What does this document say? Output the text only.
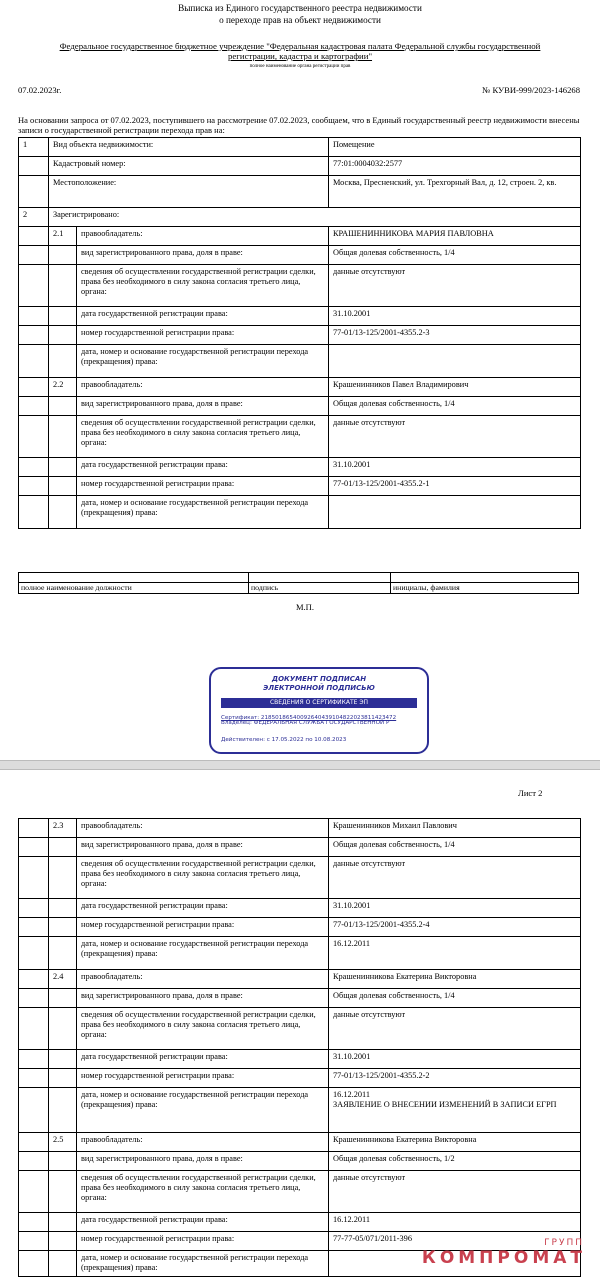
Выписка из Единого государственного реестра недвижимости
о переходе прав на объект недвижимости
Федеральное государственное бюджетное учреждение "Федеральная кадастровая палата Федеральной службы государственной
регистрации, кадастра и картографии"
полное наименование органа регистрации прав
07.02.2023г.	№ КУВИ-999/2023-146268
На основании запроса от 07.02.2023, поступившего на рассмотрение 07.02.2023, сообщаем, что в Единый государственный реестр недвижимости внесены записи о государственной регистрации перехода прав на:
1	Вид объекта недвижимости:		Помещение
	Кадастровый номер:		77:01:0004032:2577
	Местоположение:		Москва, Пресненский, ул. Трехгорный Вал, д. 12, строен. 2, кв.
2	Зарегистрировано:		
	2.1	правообладатель:	КРАШЕНИННИКОВА МАРИЯ ПАВЛОВНА
		вид зарегистрированного права, доля в праве:	Общая долевая собственность, 1/4
		сведения об осуществлении государственной регистрации сделки, права без необходимого в силу закона согласия третьего лица, органа:	данные отсутствуют
		дата государственной регистрации права:	31.10.2001
		номер государственной регистрации права:	77-01/13-125/2001-4355.2-3
		дата, номер и основание государственной регистрации перехода (прекращения) права:	
	2.2	правообладатель:	Крашенинников Павел Владимирович
		вид зарегистрированного права, доля в праве:	Общая долевая собственность, 1/4
		сведения об осуществлении государственной регистрации сделки, права без необходимого в силу закона согласия третьего лица, органа:	данные отсутствуют
		дата государственной регистрации права:	31.10.2001
		номер государственной регистрации права:	77-01/13-125/2001-4355.2-1
		дата, номер и основание государственной регистрации перехода (прекращения) права:	

полное наименование должности	подпись	инициалы, фамилия
М.П.
ДОКУМЕНТ ПОДПИСАН
ЭЛЕКТРОННОЙ ПОДПИСЬЮ
СВЕДЕНИЯ О СЕРТИФИКАТЕ ЭП
Сертификат: 21850186540092640439104822023811423472
Владелец: ФЕДЕРАЛЬНАЯ СЛУЖБА ГОСУДАРСТВЕННОЙ Р
Действителен: с 17.05.2022 по 10.08.2023
Лист 2
	2.3	правообладатель:	Крашенинников Михаил Павлович
		вид зарегистрированного права, доля в праве:	Общая долевая собственность, 1/4
		сведения об осуществлении государственной регистрации сделки, права без необходимого в силу закона согласия третьего лица, органа:	данные отсутствуют
		дата государственной регистрации права:	31.10.2001
		номер государственной регистрации права:	77-01/13-125/2001-4355.2-4
		дата, номер и основание государственной регистрации перехода (прекращения) права:	16.12.2011
	2.4	правообладатель:	Крашенинникова Екатерина Викторовна
		вид зарегистрированного права, доля в праве:	Общая долевая собственность, 1/4
		сведения об осуществлении государственной регистрации сделки, права без необходимого в силу закона согласия третьего лица, органа:	данные отсутствуют
		дата государственной регистрации права:	31.10.2001
		номер государственной регистрации права:	77-01/13-125/2001-4355.2-2
		дата, номер и основание государственной регистрации перехода (прекращения) права:	16.12.2011
ЗАЯВЛЕНИЕ О ВНЕСЕНИИ ИЗМЕНЕНИЙ В ЗАПИСИ ЕГРП
	2.5	правообладатель:	Крашенинникова Екатерина Викторовна
		вид зарегистрированного права, доля в праве:	Общая долевая собственность, 1/2
		сведения об осуществлении государственной регистрации сделки, права без необходимого в силу закона согласия третьего лица, органа:	данные отсутствуют
		дата государственной регистрации права:	16.12.2011
		номер государственной регистрации права:	77-77-05/071/2011-396
		дата, номер и основание государственной регистрации перехода (прекращения) права:	
ГРУПП
КОМПРОМАТ
